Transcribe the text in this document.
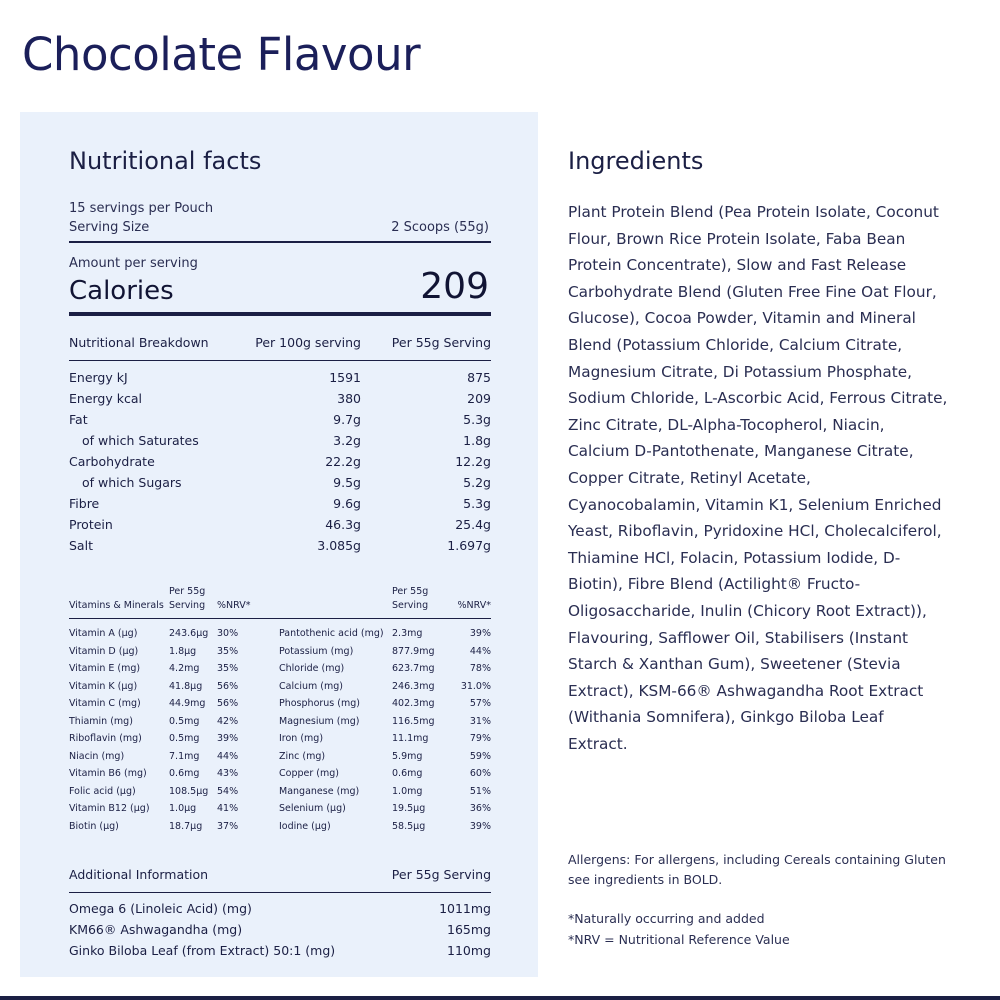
Chocolate Flavour
Nutritional facts
15 servings per Pouch
Serving Size	2 Scoops (55g)
Amount per serving
Calories	209
Nutritional Breakdown	Per 100g serving	Per 55g Serving

Energy kJ	1591	875
Energy kcal	380	209
Fat	9.7g	5.3g
of which Saturates	3.2g	1.8g
Carbohydrate	22.2g	12.2g
of which Sugars	9.5g	5.2g
Fibre	9.6g	5.3g
Protein	46.3g	25.4g
Salt	3.085g	1.697g
Vitamins & Minerals	Per 55g Serving	%NRV*		Per 55g Serving	%NRV*

Vitamin A (µg)	243.6µg	30%	Pantothenic acid (mg)	2.3mg	39%
Vitamin D (µg)	1.8µg	35%	Potassium (mg)	877.9mg	44%
Vitamin E (mg)	4.2mg	35%	Chloride (mg)	623.7mg	78%
Vitamin K (µg)	41.8µg	56%	Calcium (mg)	246.3mg	31.0%
Vitamin C (mg)	44.9mg	56%	Phosphorus (mg)	402.3mg	57%
Thiamin (mg)	0.5mg	42%	Magnesium (mg)	116.5mg	31%
Riboflavin (mg)	0.5mg	39%	Iron (mg)	11.1mg	79%
Niacin (mg)	7.1mg	44%	Zinc (mg)	5.9mg	59%
Vitamin B6 (mg)	0.6mg	43%	Copper (mg)	0.6mg	60%
Folic acid (µg)	108.5µg	54%	Manganese (mg)	1.0mg	51%
Vitamin B12 (µg)	1.0µg	41%	Selenium (µg)	19.5µg	36%
Biotin (µg)	18.7µg	37%	Iodine (µg)	58.5µg	39%
Additional Information	Per 55g Serving

Omega 6 (Linoleic Acid) (mg)	1011mg
KM66® Ashwagandha (mg)	165mg
Ginko Biloba Leaf (from Extract) 50:1 (mg)	110mg
Ingredients
Plant Protein Blend (Pea Protein Isolate, Coconut Flour, Brown Rice Protein Isolate, Faba Bean Protein Concentrate), Slow and Fast Release Carbohydrate Blend (Gluten Free Fine Oat Flour, Glucose), Cocoa Powder, Vitamin and Mineral Blend (Potassium Chloride, Calcium Citrate, Magnesium Citrate, Di Potassium Phosphate, Sodium Chloride, L-Ascorbic Acid, Ferrous Citrate, Zinc Citrate, DL-Alpha-Tocopherol, Niacin, Calcium D-Pantothenate, Manganese Citrate, Copper Citrate, Retinyl Acetate, Cyanocobalamin, Vitamin K1, Selenium Enriched Yeast, Riboflavin, Pyridoxine HCl, Cholecalciferol, Thiamine HCl, Folacin, Potassium Iodide, D-Biotin), Fibre Blend (Actilight® Fructo-Oligosaccharide, Inulin (Chicory Root Extract)), Flavouring, Safflower Oil, Stabilisers (Instant Starch & Xanthan Gum), Sweetener (Stevia Extract), KSM-66® Ashwagandha Root Extract (Withania Somnifera), Ginkgo Biloba Leaf Extract.
Allergens: For allergens, including Cereals containing Gluten see ingredients in BOLD.
*Naturally occurring and added
*NRV = Nutritional Reference Value
